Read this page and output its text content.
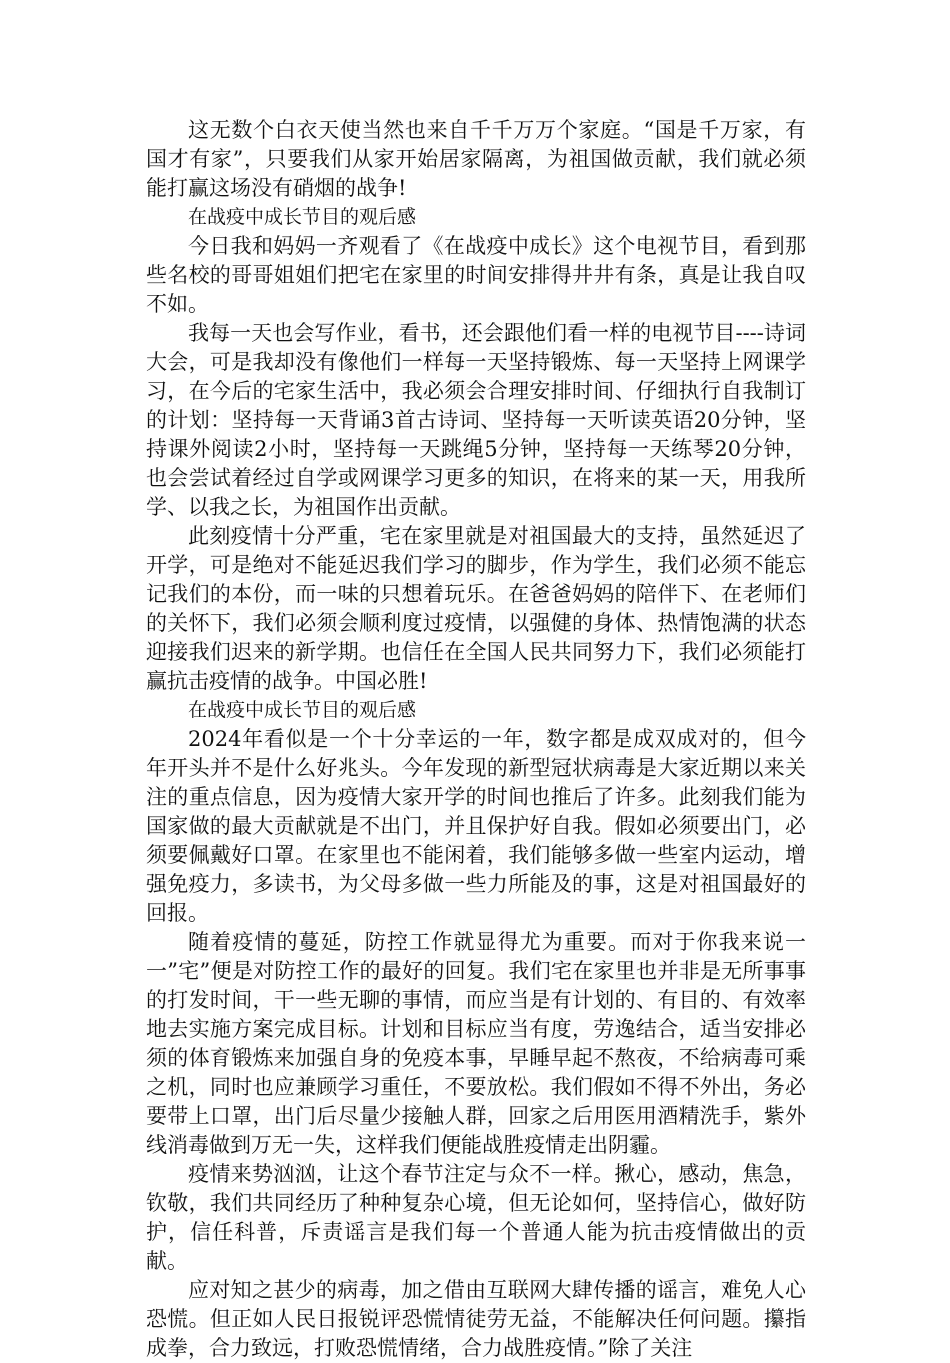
这无数个白衣天使当然也来自千千万万个家庭。“国是千万家，有国才有家”，只要我们从家开始居家隔离，为祖国做贡献，我们就必须能打赢这场没有硝烟的战争!

在战疫中成长节目的观后感

今日我和妈妈一齐观看了《在战疫中成长》这个电视节目，看到那些名校的哥哥姐姐们把宅在家里的时间安排得井井有条，真是让我自叹不如。

我每一天也会写作业，看书，还会跟他们看一样的电视节目----诗词大会，可是我却没有像他们一样每一天坚持锻炼、每一天坚持上网课学习，在今后的宅家生活中，我必须会合理安排时间、仔细执行自我制订的计划：坚持每一天背诵3首古诗词、坚持每一天听读英语20分钟，坚持课外阅读2小时，坚持每一天跳绳5分钟，坚持每一天练琴20分钟，也会尝试着经过自学或网课学习更多的知识，在将来的某一天，用我所学、以我之长，为祖国作出贡献。

此刻疫情十分严重，宅在家里就是对祖国最大的支持，虽然延迟了开学，可是绝对不能延迟我们学习的脚步，作为学生，我们必须不能忘记我们的本份，而一味的只想着玩乐。在爸爸妈妈的陪伴下、在老师们的关怀下，我们必须会顺利度过疫情，以强健的身体、热情饱满的状态迎接我们迟来的新学期。也信任在全国人民共同努力下，我们必须能打赢抗击疫情的战争。中国必胜!

在战疫中成长节目的观后感

2024年看似是一个十分幸运的一年，数字都是成双成对的，但今年开头并不是什么好兆头。今年发现的新型冠状病毒是大家近期以来关注的重点信息，因为疫情大家开学的时间也推后了许多。此刻我们能为国家做的最大贡献就是不出门，并且保护好自我。假如必须要出门，必须要佩戴好口罩。在家里也不能闲着，我们能够多做一些室内运动，增强免疫力，多读书，为父母多做一些力所能及的事，这是对祖国最好的回报。

随着疫情的蔓延，防控工作就显得尤为重要。而对于你我来说一一”宅”便是对防控工作的最好的回复。我们宅在家里也并非是无所事事的打发时间，干一些无聊的事情，而应当是有计划的、有目的、有效率地去实施方案完成目标。计划和目标应当有度，劳逸结合，适当安排必须的体育锻炼来加强自身的免疫本事，早睡早起不熬夜，不给病毒可乘之机，同时也应兼顾学习重任，不要放松。我们假如不得不外出，务必要带上口罩，出门后尽量少接触人群，回家之后用医用酒精洗手，紫外线消毒做到万无一失，这样我们便能战胜疫情走出阴霾。

疫情来势汹汹，让这个春节注定与众不一样。揪心，感动，焦急，钦敬，我们共同经历了种种复杂心境，但无论如何，坚持信心，做好防护，信任科普，斥责谣言是我们每一个普通人能为抗击疫情做出的贡献。

应对知之甚少的病毒，加之借由互联网大肆传播的谣言，难免人心恐慌。但正如人民日报锐评恐慌情徒劳无益，不能解决任何问题。攥指成拳，合力致远，打败恐慌情绪，合力战胜疫情。”除了关注
